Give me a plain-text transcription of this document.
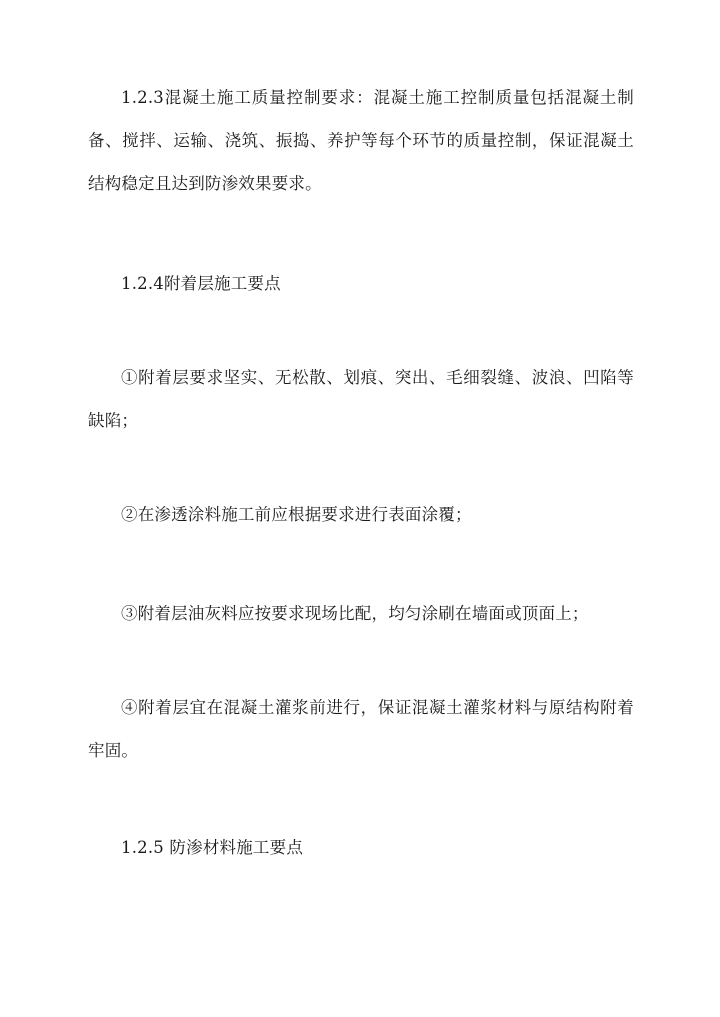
1.2.3混凝土施工质量控制要求：混凝土施工控制质量包括混凝土制备、搅拌、运输、浇筑、振捣、养护等每个环节的质量控制，保证混凝土结构稳定且达到防渗效果要求。

1.2.4附着层施工要点

①附着层要求坚实、无松散、划痕、突出、毛细裂缝、波浪、凹陷等缺陷；

②在渗透涂料施工前应根据要求进行表面涂覆；

③附着层油灰料应按要求现场比配，均匀涂刷在墙面或顶面上；

④附着层宜在混凝土灌浆前进行，保证混凝土灌浆材料与原结构附着牢固。

1.2.5 防渗材料施工要点
